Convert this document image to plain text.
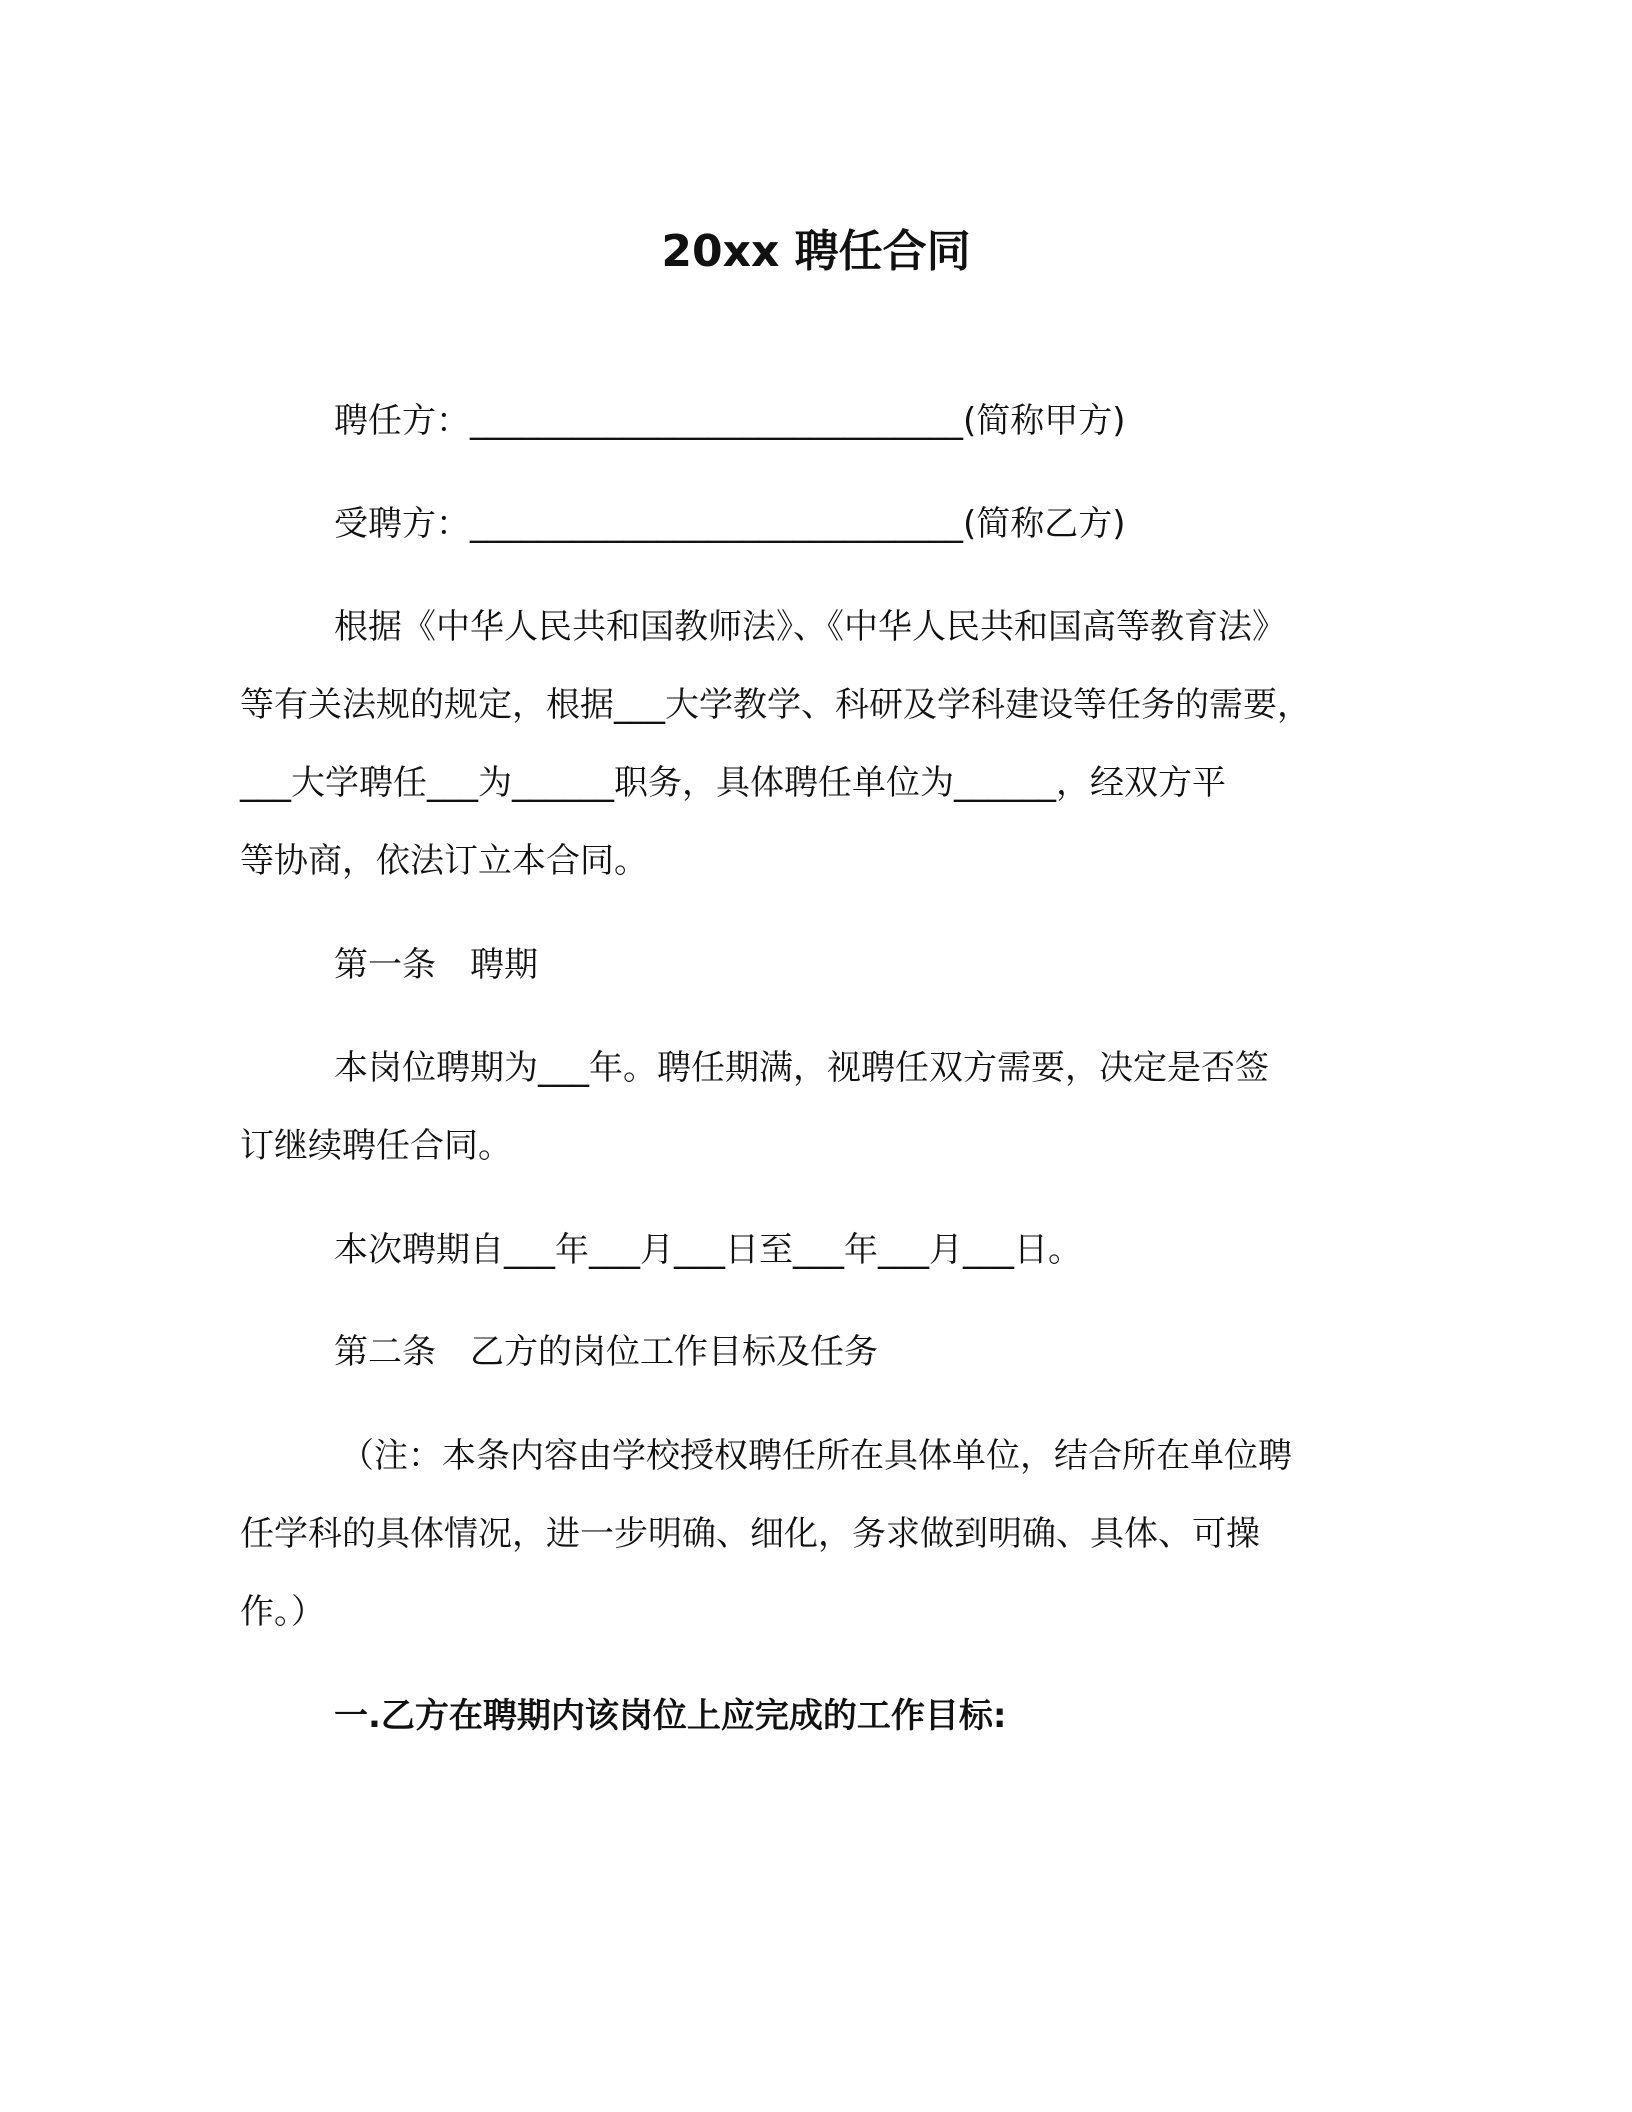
20xx 聘任合同
聘任方：_____________________________(简称甲方)
受聘方：_____________________________(简称乙方)
根据《中华人民共和国教师法》、《中华人民共和国高等教育法》
等有关法规的规定，根据___大学教学、科研及学科建设等任务的需要，
___大学聘任___为______职务，具体聘任单位为______，经双方平
等协商，依法订立本合同。
第一条　聘期
本岗位聘期为___年。聘任期满，视聘任双方需要，决定是否签
订继续聘任合同。
本次聘期自___年___月___日至___年___月___日。
第二条　乙方的岗位工作目标及任务
（注：本条内容由学校授权聘任所在具体单位，结合所在单位聘
任学科的具体情况，进一步明确、细化，务求做到明确、具体、可操
作。）
一.乙方在聘期内该岗位上应完成的工作目标:
